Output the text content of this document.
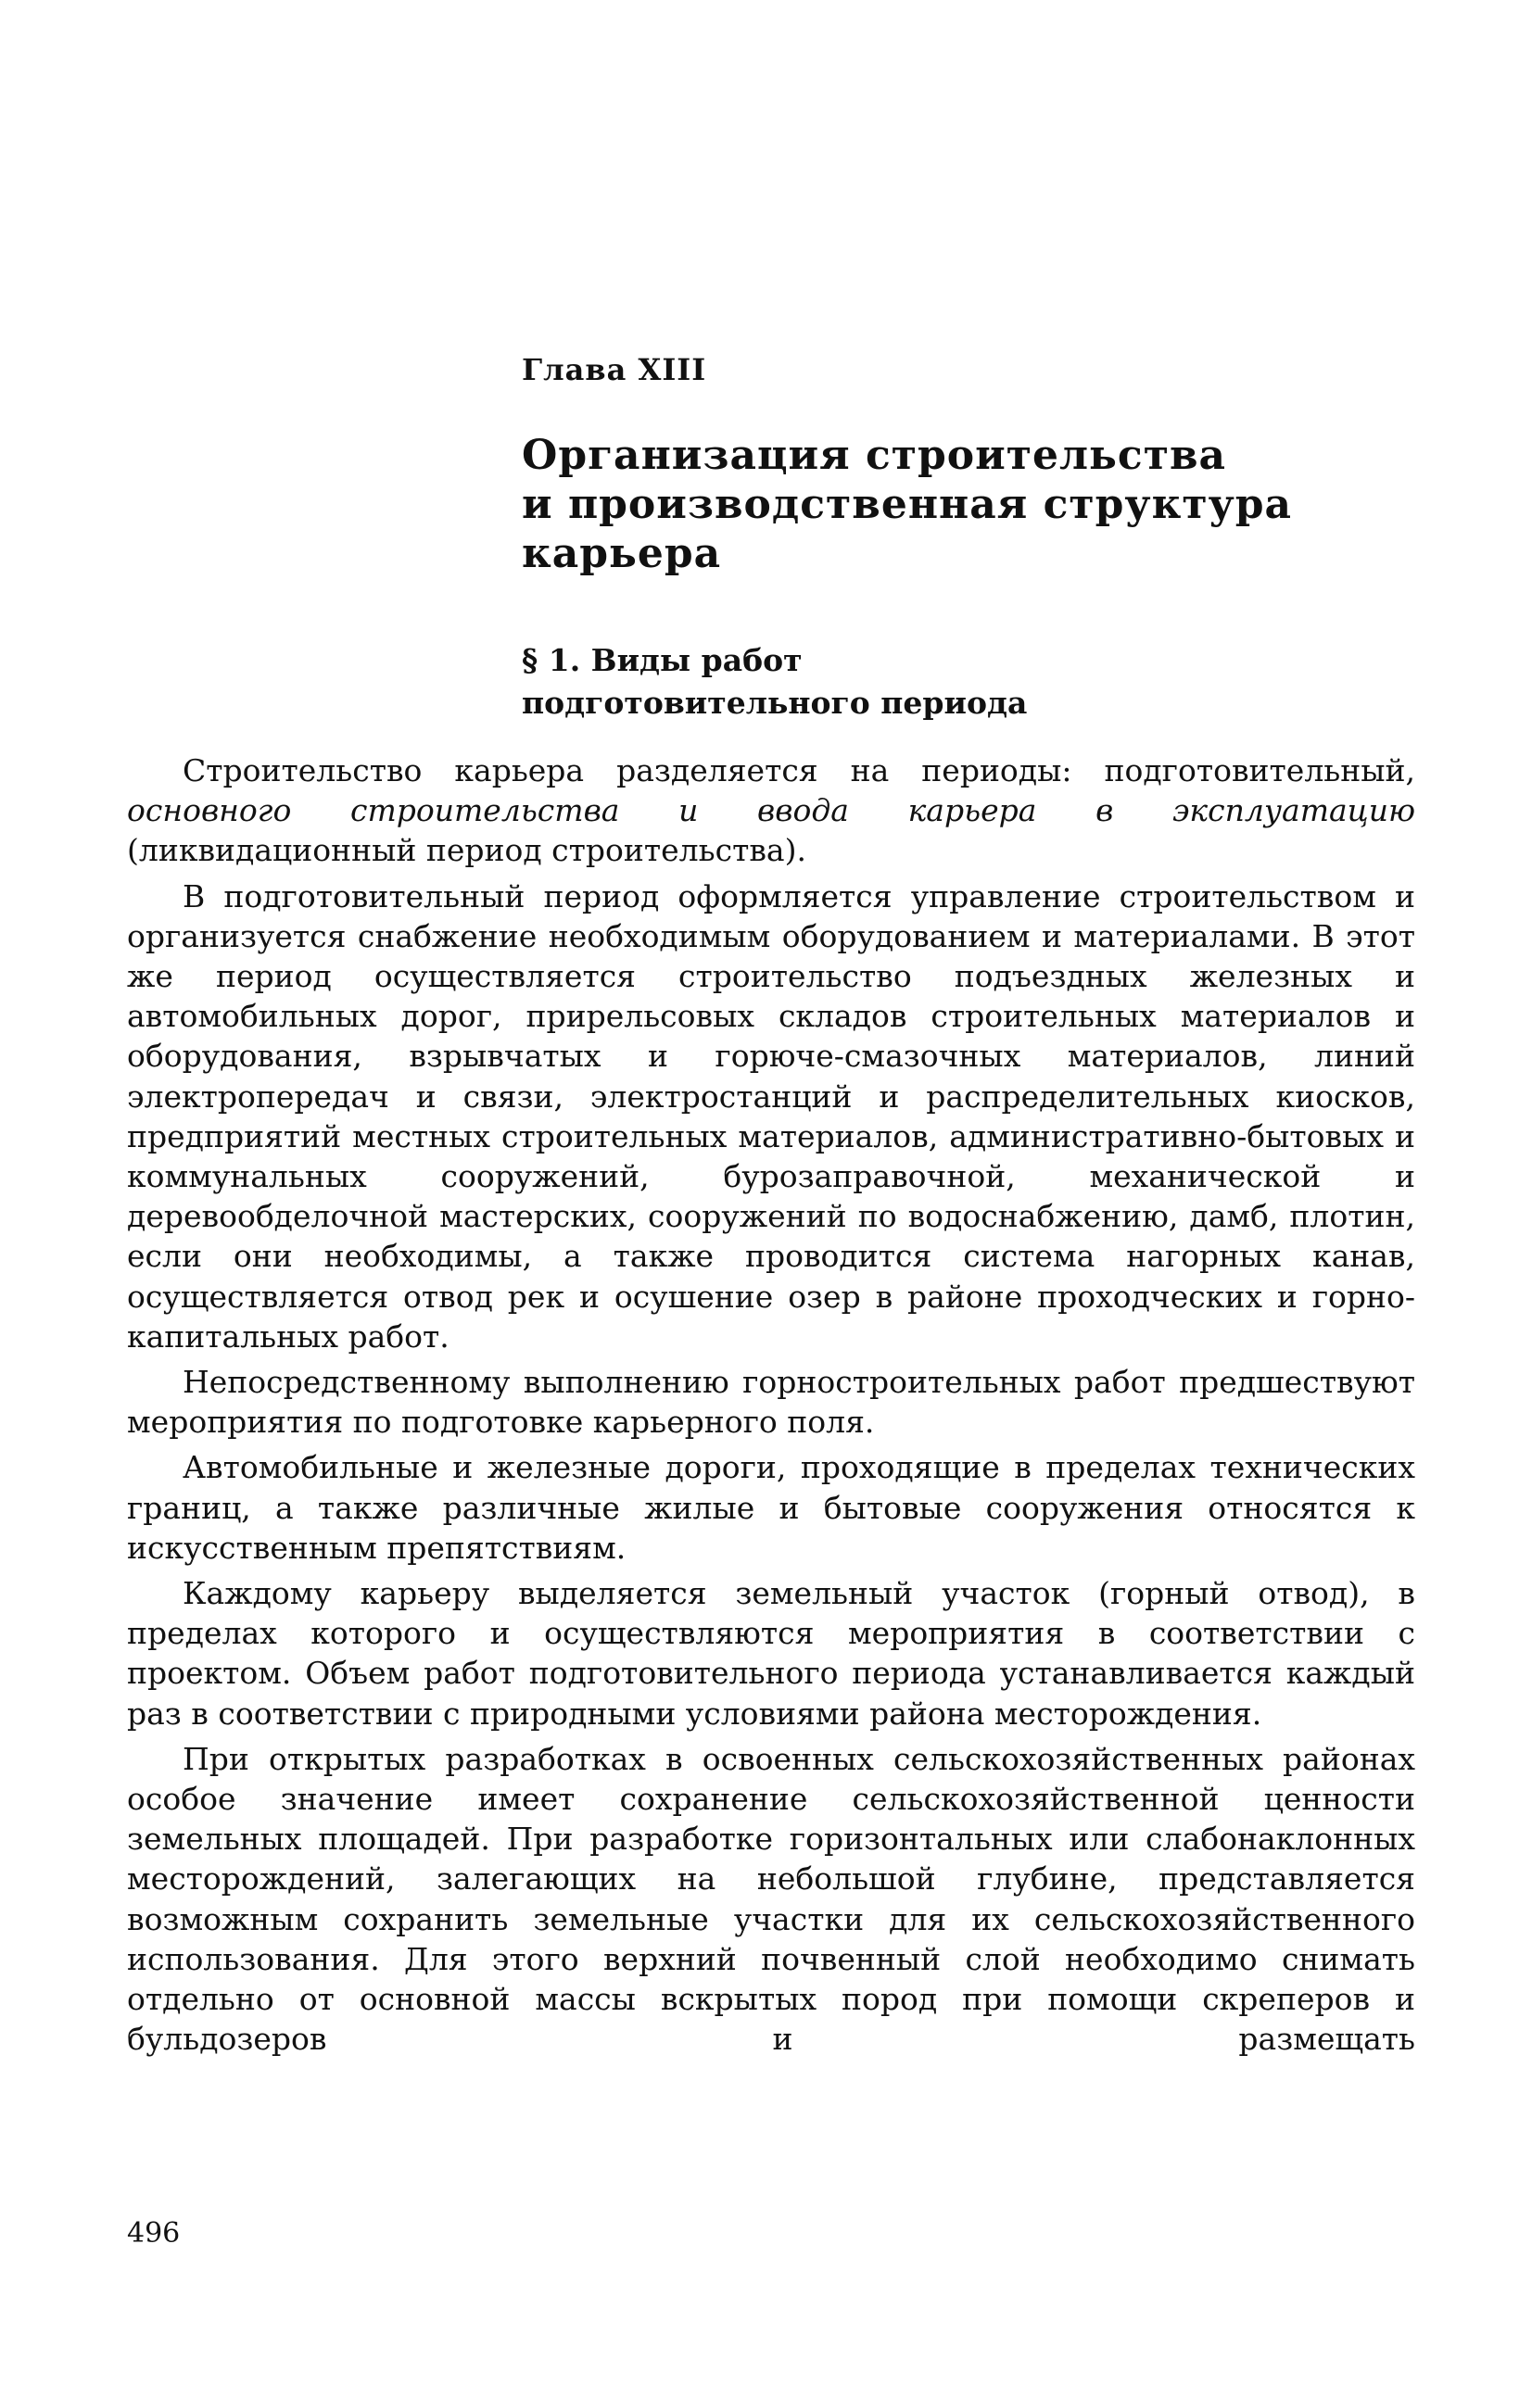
Глава XIII
Организация строительства
и производственная структура
карьера
§ 1. Виды работ
подготовительного периода

Строительство карьера разделяется на периоды: подготовительный, основного строительства и ввода карьера в эксплуатацию (ликвидационный период строительства).

В подготовительный период оформляется управление строительством и организуется снабжение необходимым оборудованием и материалами. В этот же период осуществляется строительство подъездных железных и автомобильных дорог, прирельсовых складов строительных материалов и оборудования, взрывчатых и горюче-смазочных материалов, линий электропередач и связи, электростанций и распределительных киосков, предприятий местных строительных материалов, административно-бытовых и коммунальных сооружений, бурозаправочной, механической и деревообделочной мастерских, сооружений по водоснабжению, дамб, плотин, если они необходимы, а также проводится система нагорных канав, осуществляется отвод рек и осушение озер в районе проходческих и горно-капитальных работ.

Непосредственному выполнению горностроительных работ предшествуют мероприятия по подготовке карьерного поля.

Автомобильные и железные дороги, проходящие в пределах технических границ, а также различные жилые и бытовые сооружения относятся к искусственным препятствиям.

Каждому карьеру выделяется земельный участок (горный отвод), в пределах которого и осуществляются мероприятия в соответствии с проектом. Объем работ подготовительного периода устанавливается каждый раз в соответствии с природными условиями района месторождения.

При открытых разработках в освоенных сельскохозяйственных районах особое значение имеет сохранение сельскохозяйственной ценности земельных площадей. При разработке горизонтальных или слабонаклонных месторождений, залегающих на небольшой глубине, представляется возможным сохранить земельные участки для их сельскохозяйственного использования. Для этого верхний почвенный слой необходимо снимать отдельно от основной массы вскрытых пород при помощи скреперов и бульдозеров и размещать

496
